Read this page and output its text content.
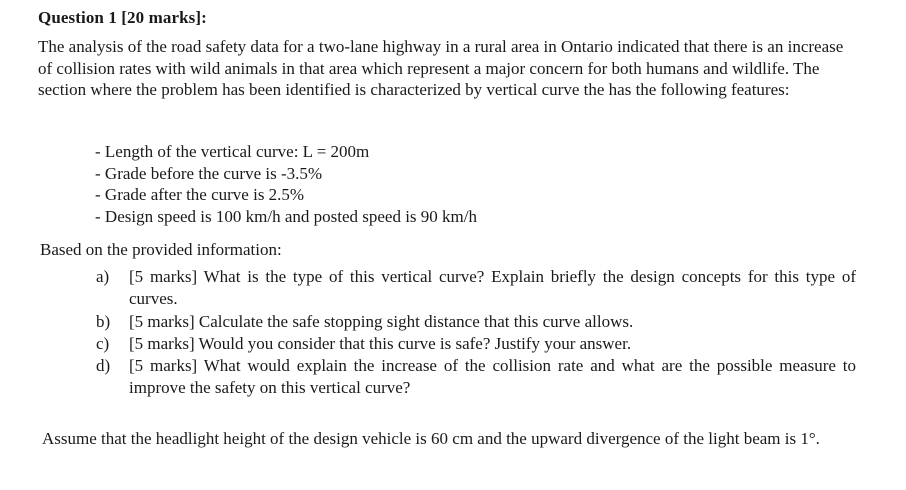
Question 1 [20 marks]:

The analysis of the road safety data for a two-lane highway in a rural area in Ontario indicated that there is an increase of collision rates with wild animals in that area which represent a major concern for both humans and wildlife. The section where the problem has been identified is characterized by vertical curve the has the following features:

- Length of the vertical curve: L = 200m
- Grade before the curve is -3.5%
- Grade after the curve is 2.5%
- Design speed is 100 km/h and posted speed is 90 km/h
Based on the provided information:
a)	[5 marks] What is the type of this vertical curve? Explain briefly the design concepts for this type of curves.
b)	[5 marks] Calculate the safe stopping sight distance that this curve allows.
c)	[5 marks] Would you consider that this curve is safe? Justify your answer.
d)	[5 marks] What would explain the increase of the collision rate and what are the possible measure to improve the safety on this vertical curve?

Assume that the headlight height of the design vehicle is 60 cm and the upward divergence of the light beam is 1°.
